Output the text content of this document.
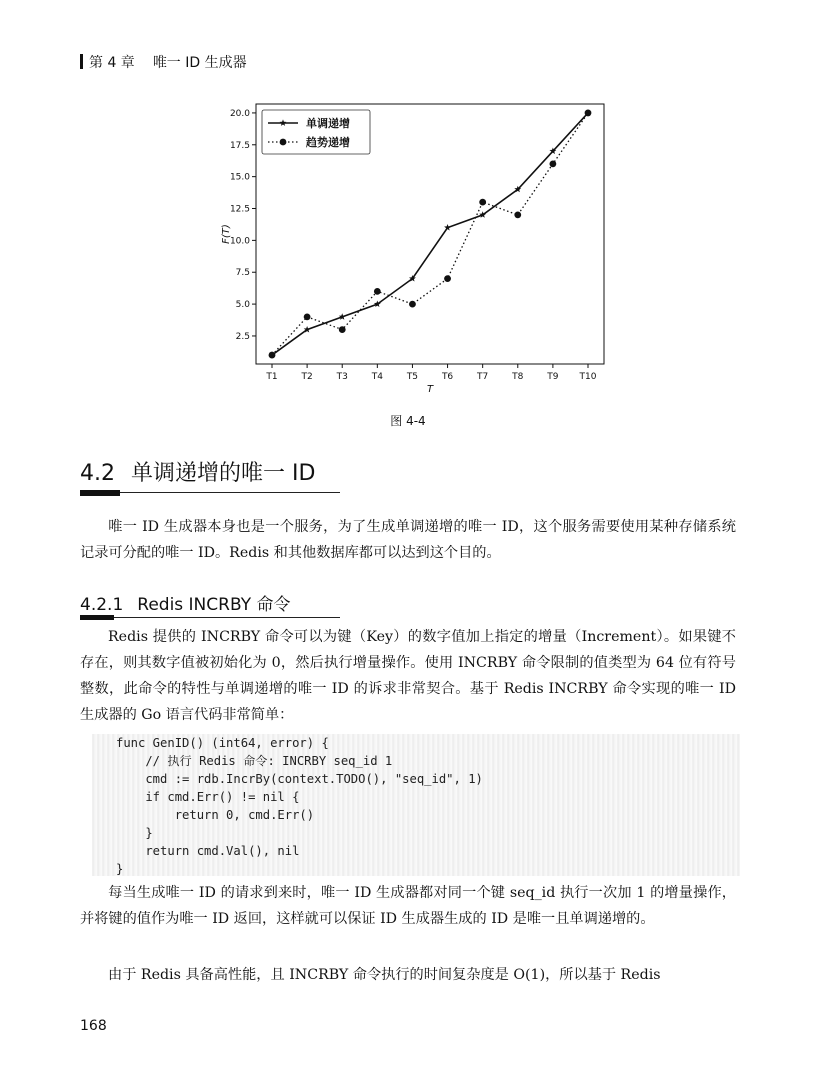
第 4 章 唯一 ID 生成器
2.5
5.0
7.5
10.0
12.5
15.0
17.5
20.0
T1	T2	T3	T4	T5	T6	T7	T8	T9 T10
T
F(T)
单调递增
趋势递增
图 4-4
4.2 单调递增的唯一 ID

唯一 ID 生成器本身也是一个服务，为了生成单调递增的唯一 ID，这个服务需要使用某种存储系统记录可分配的唯一 ID。Redis 和其他数据库都可以达到这个目的。

4.2.1 Redis INCRBY 命令

Redis 提供的 INCRBY 命令可以为键（Key）的数字值加上指定的增量（Increment）。如果键不存在，则其数字值被初始化为 0，然后执行增量操作。使用 INCRBY 命令限制的值类型为 64 位有符号整数，此命令的特性与单调递增的唯一 ID 的诉求非常契合。基于 Redis INCRBY 命令实现的唯一 ID 生成器的 Go 语言代码非常简单：

func GenID() (int64, error) {
// 执行 Redis 命令: INCRBY seq_id 1
cmd := rdb.IncrBy(context.TODO(), "seq_id", 1)
if cmd.Err() != nil {
return 0, cmd.Err()
}
return cmd.Val(), nil
}

每当生成唯一 ID 的请求到来时，唯一 ID 生成器都对同一个键 seq_id 执行一次加 1 的增量操作，并将键的值作为唯一 ID 返回，这样就可以保证 ID 生成器生成的 ID 是唯一且单调递增的。

由于 Redis 具备高性能，且 INCRBY 命令执行的时间复杂度是 O(1)，所以基于 Redis

168
